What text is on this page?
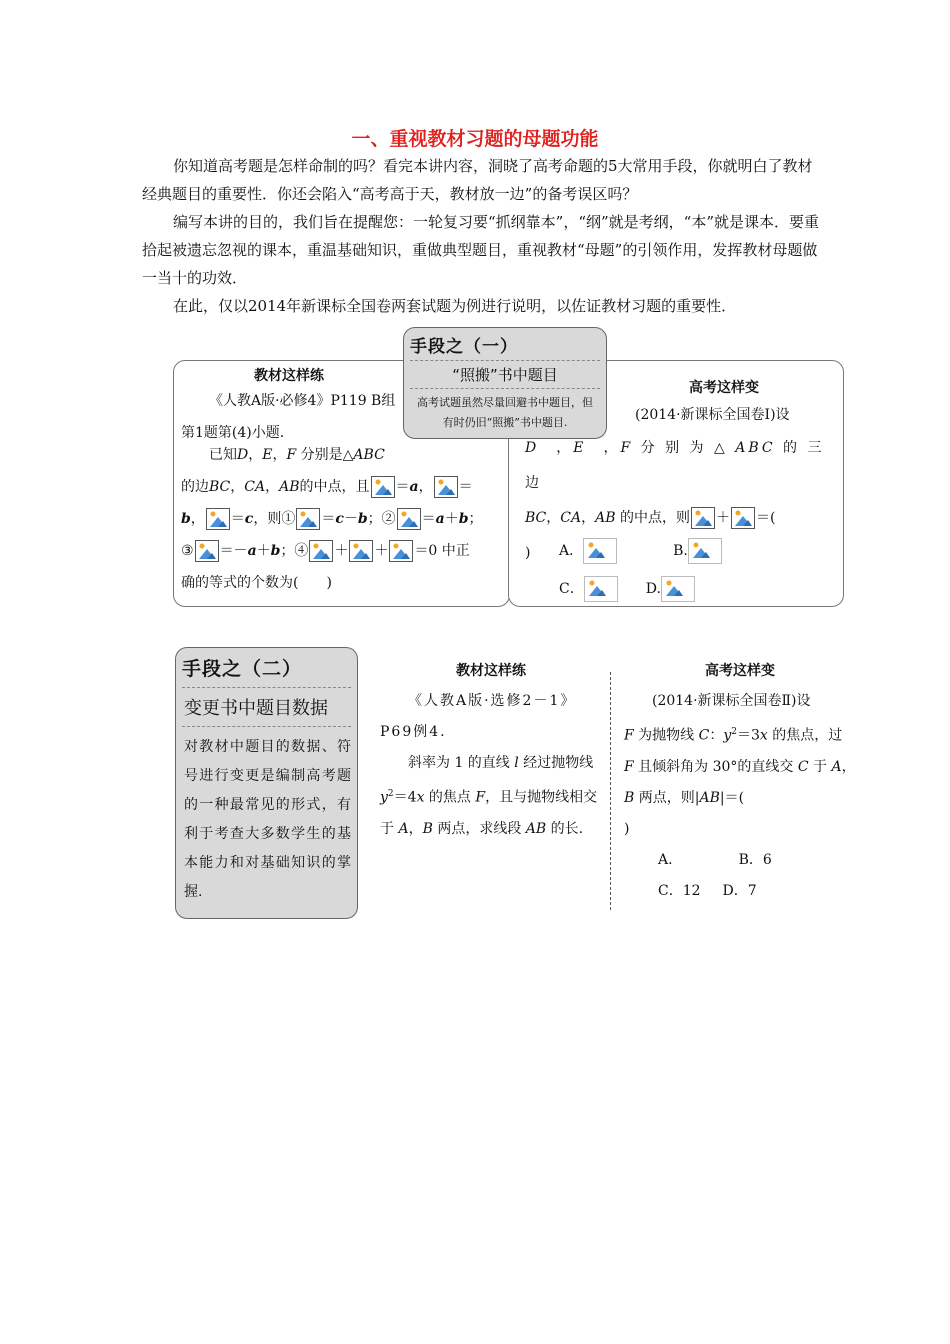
一、重视教材习题的母题功能

你知道高考题是怎样命制的吗？看完本讲内容，洞晓了高考命题的5大常用手段，你就明白了教材经典题目的重要性．你还会陷入“高考高于天，教材放一边”的备考误区吗？

编写本讲的目的，我们旨在提醒您：一轮复习要“抓纲靠本”，“纲”就是考纲，“本”就是课本．要重拾起被遗忘忽视的课本，重温基础知识，重做典型题目，重视教材“母题”的引领作用，发挥教材母题做一当十的功效．

在此，仅以2014年新课标全国卷两套试题为例进行说明，以佐证教材习题的重要性．

教材这样练

《人教A版·必修4》P119 B组第1题第(4)小题.

已知D，E，F 分别是△ABC

的边BC，CA，AB的中点，且 ＝a， ＝

b， ＝c，则① ＝c－b；② ＝a＋b；

③ ＝－a＋b；④ ＋ ＋ ＝0 中正

确的等式的个数为(　　)

高考这样变

(2014·新课标全国卷Ⅰ)设

D　，E　，F 分 别 为 △ ABC 的 三 边

BC，CA，AB 的中点，则 ＋ ＝(

)	A．	B.

C．	D.

手段之（一）
“照搬”书中题目
高考试题虽然尽量回避书中题目，但有时仍旧“照搬”书中题目.
手段之（二）
变更书中题目数据
对教材中题目的数据、符号进行变更是编制高考题的一种最常见的形式，有利于考查大多数学生的基本能力和对基础知识的掌握.
教材这样练

《人教A版·选修2－1》P69例4.

斜率为 1 的直线 l 经过抛物线 $y^2=4x$ 的焦点 F，且与抛物线相交于 A，B 两点，求线段 AB 的长.

高考这样变

(2014·新课标全国卷Ⅱ)设

F 为抛物线 C：$y^2=3x$ 的焦点，过 F 且倾斜角为 30°的直线交 C 于 A，B 两点，则|AB|＝(

)

A.	B．6

C．12 D．7
